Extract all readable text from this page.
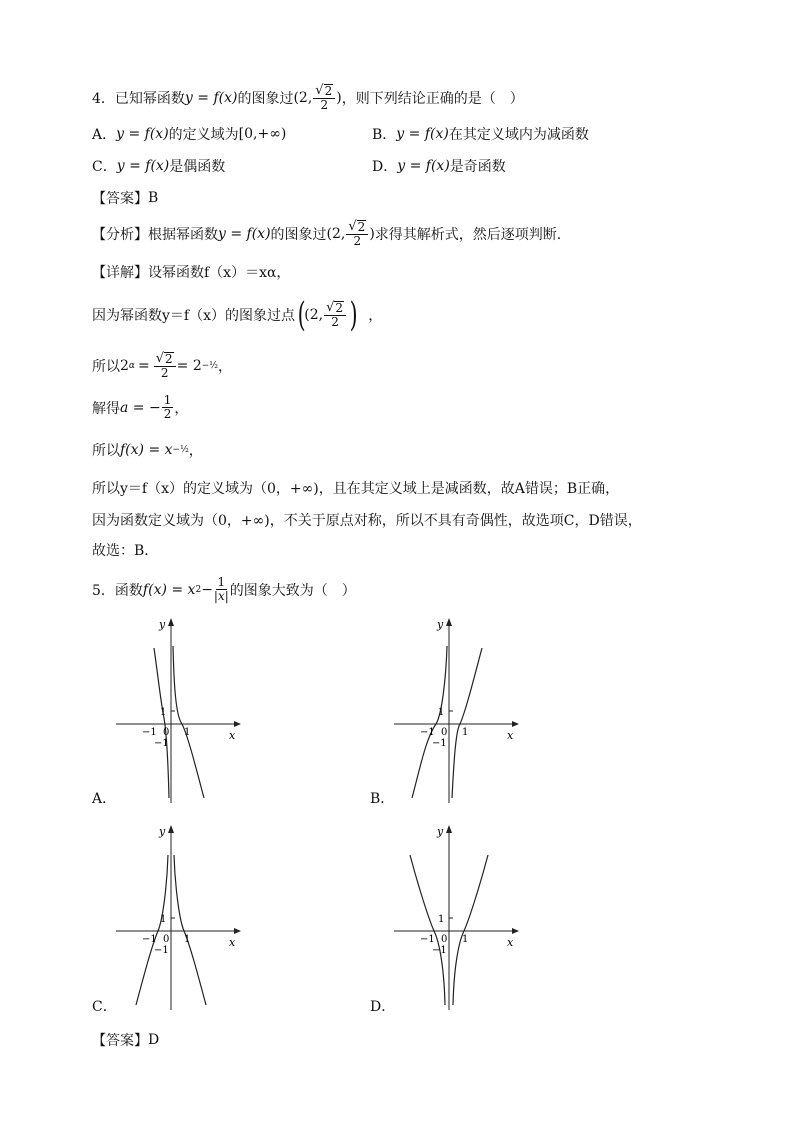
4．已知幂函数 y = f(x) 的图象过 (2, $\frac{√ 2}{2}$ ) ，则下列结论正确的是（　）
A． y = f(x) 的定义域为 [0,+∞)	B． y = f(x) 在其定义域内为减函数
C． y = f(x) 是偶函数	D． y = f(x) 是奇函数
【答案】 B
【分析】 根据幂函数 y = f(x) 的图象过 (2, $\frac{√ 2}{2}$ ) 求得其解析式，然后逐项判断.
【详解】 设幂函数f（x）＝xα，
因为幂函数y＝f（x）的图象过点 (
(2, $\frac{√ 2}{2}$ ) ，
所以 2 $\alpha = \frac{√ 2}{2} = 2$ −½ ，
解得 a = − $\frac{1}{2}$ ，
所以 f(x) = x −½ ，
所以y＝f（x）的定义域为（0，+∞)，且在其定义域上是减函数，故A错误；B正确，
因为函数定义域为（0，+∞)，不关于原点对称，所以不具有奇偶性，故选项C，D错误，
故选：B．
5．函数 f(x) = x $2 - \frac{1}{|x|}$ 的图象大致为（　）
y
x
1
−1 0 1
−1
A．
y
x
1
−1 0 1
−1
B．
y
x
1
−1 0 1
−1
C．
y
x
1
−1 0 1
−1
D．
【答案】 D
